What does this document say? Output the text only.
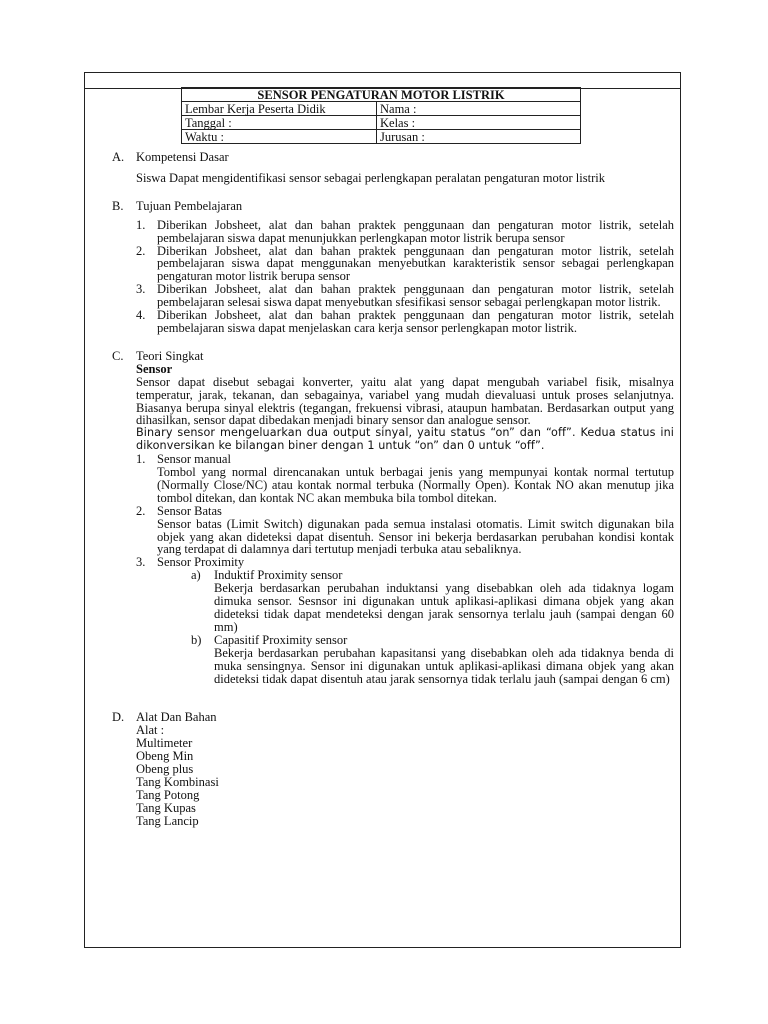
SENSOR PENGATURAN MOTOR LISTRIK	
Lembar Kerja Peserta Didik	Nama :
Tanggal :	Kelas :
Waktu :	Jurusan :
A. Kompetensi Dasar
Siswa Dapat mengidentifikasi sensor sebagai perlengkapan peralatan pengaturan motor listrik
B. Tujuan Pembelajaran
1. Diberikan Jobsheet, alat dan bahan praktek penggunaan dan pengaturan motor listrik, setelah pembelajaran siswa dapat menunjukkan perlengkapan motor listrik berupa sensor
2. Diberikan Jobsheet, alat dan bahan praktek penggunaan dan pengaturan motor listrik, setelah pembelajaran siswa dapat menggunakan menyebutkan karakteristik sensor sebagai perlengkapan pengaturan motor listrik berupa sensor
3. Diberikan Jobsheet, alat dan bahan praktek penggunaan dan pengaturan motor listrik, setelah pembelajaran selesai siswa dapat menyebutkan sfesifikasi sensor sebagai perlengkapan motor listrik.
4. Diberikan Jobsheet, alat dan bahan praktek penggunaan dan pengaturan motor listrik, setelah pembelajaran siswa dapat menjelaskan cara kerja sensor perlengkapan motor listrik.
C. Teori Singkat
Sensor
Sensor dapat disebut sebagai konverter, yaitu alat yang dapat mengubah variabel fisik, misalnya temperatur, jarak, tekanan, dan sebagainya, variabel yang mudah dievaluasi untuk proses selanjutnya. Biasanya berupa sinyal elektris (tegangan, frekuensi vibrasi, ataupun hambatan. Berdasarkan output yang dihasilkan, sensor dapat dibedakan menjadi binary sensor dan analogue sensor.
Binary sensor mengeluarkan dua output sinyal, yaitu status “on” dan “off”. Kedua status ini dikonversikan ke bilangan biner dengan 1 untuk “on” dan 0 untuk “off”.
1. Sensor manual
Tombol yang normal direncanakan untuk berbagai jenis yang mempunyai kontak normal tertutup (Normally Close/NC) atau kontak normal terbuka (Normally Open). Kontak NO akan menutup jika tombol ditekan, dan kontak NC akan membuka bila tombol ditekan.
2. Sensor Batas
Sensor batas (Limit Switch) digunakan pada semua instalasi otomatis. Limit switch digunakan bila objek yang akan dideteksi dapat disentuh. Sensor ini bekerja berdasarkan perubahan kondisi kontak yang terdapat di dalamnya dari tertutup menjadi terbuka atau sebaliknya.
3. Sensor Proximity
a) Induktif Proximity sensor
Bekerja berdasarkan perubahan induktansi yang disebabkan oleh ada tidaknya logam dimuka sensor. Sesnsor ini digunakan untuk aplikasi-aplikasi dimana objek yang akan dideteksi tidak dapat mendeteksi dengan jarak sensornya terlalu jauh (sampai dengan 60 mm)
b) Capasitif Proximity sensor
Bekerja berdasarkan perubahan kapasitansi yang disebabkan oleh ada tidaknya benda di muka sensingnya. Sensor ini digunakan untuk aplikasi-aplikasi dimana objek yang akan dideteksi tidak dapat disentuh atau jarak sensornya tidak terlalu jauh (sampai dengan 6 cm)
D. Alat Dan Bahan
Alat :
Multimeter
Obeng Min
Obeng plus
Tang Kombinasi
Tang Potong
Tang Kupas
Tang Lancip
